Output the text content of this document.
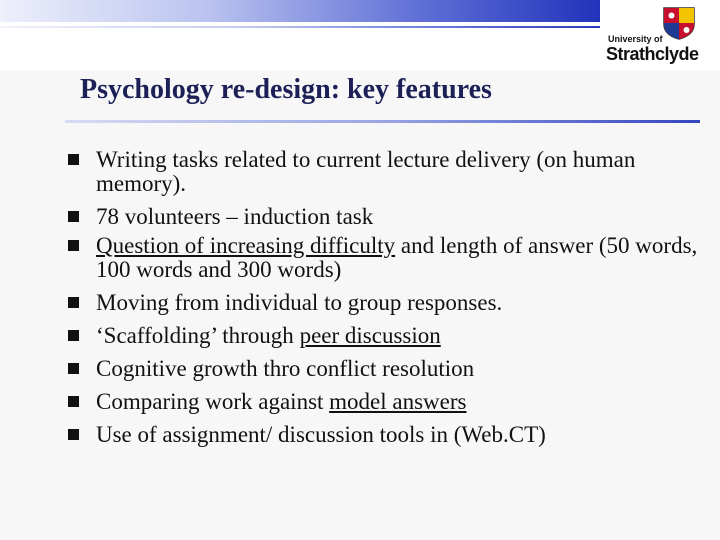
University of
Strathclyde
Psychology re-design: key features
Writing tasks related to current lecture delivery (on human memory).
78 volunteers – induction task
Question of increasing difficulty and length of answer (50 words, 100 words and 300 words)
Moving from individual to group responses.
‘Scaffolding’ through peer discussion
Cognitive growth thro conflict resolution
Comparing work against model answers
Use of assignment/ discussion tools in (Web.CT)
